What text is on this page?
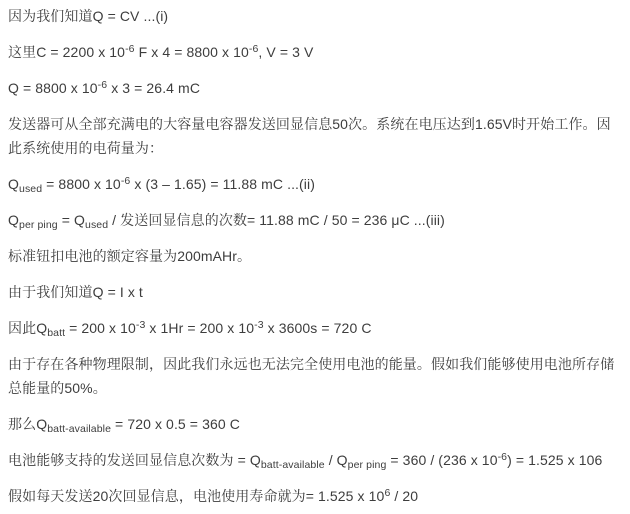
因为我们知道Q = CV ...(i)

这里C = 2200 x $10^{-6}$ F x 4 = 8800 x $10^{-6}$, V = 3 V

Q = 8800 x $10^{-6}$ x 3 = 26.4 mC

发送器可从全部充满电的大容量电容器发送回显信息50次。系统在电压达到1.65V时开始工作。因此系统使用的电荷量为：

$Q_{used} = 8800$ x $10^{-6}$ x (3 – 1.65) = 11.88 mC ...(ii)

$Q_{per ping} = Q_{used}$ / 发送回显信息的次数= 11.88 mC / 50 = 236 μC ...(iii)

标准钮扣电池的额定容量为200mAHr。

由于我们知道Q = I x t

因此$Q_{batt} = 200$ x $10^{-3}$ x 1Hr = 200 x $10^{-3}$ x 3600s = 720 C

由于存在各种物理限制，因此我们永远也无法完全使用电池的能量。假如我们能够使用电池所存储总能量的50%。

那么$Q_{batt-available} = 720$ x 0.5 = 360 C

电池能够支持的发送回显信息次数为 = $Q_{batt-available} / Q_{per ping} = 360 / (236$ x $10^{-6}) = 1.525$ x 106

假如每天发送20次回显信息，电池使用寿命就为= 1.525 x $10^6 / 20$
